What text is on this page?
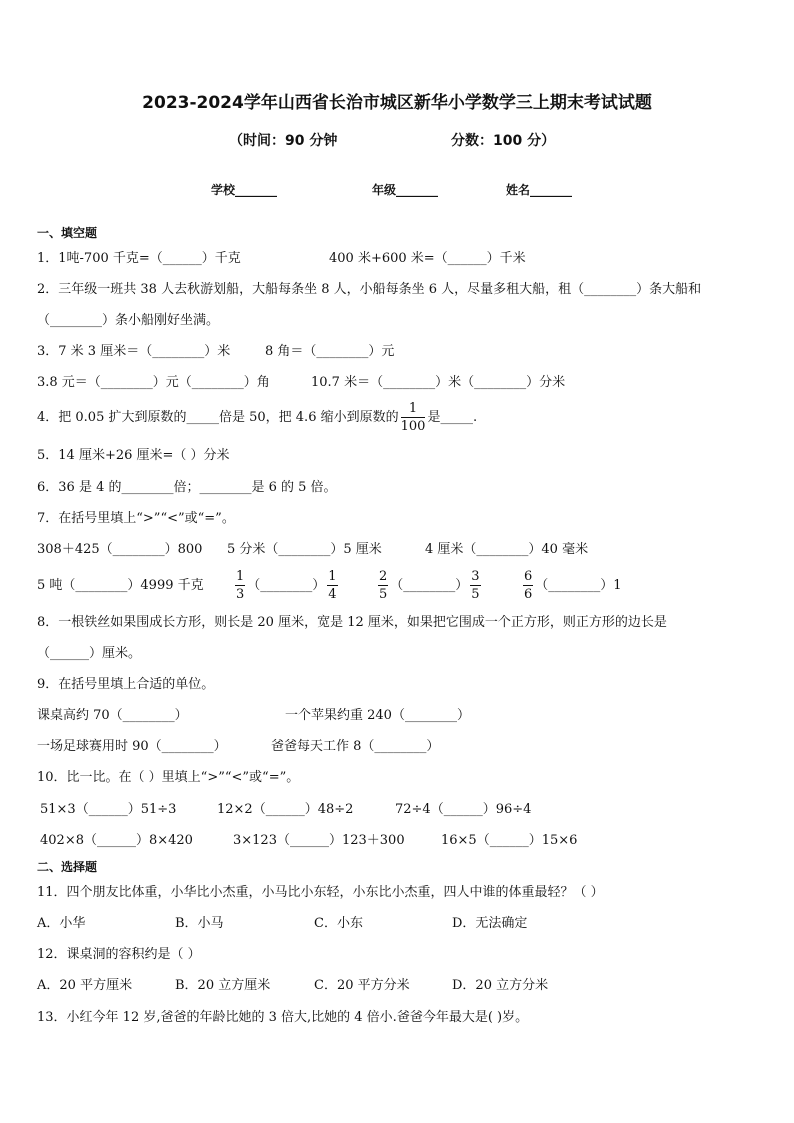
2023-2024学年山西省长治市城区新华小学数学三上期末考试试题
（时间：90 分钟	分数：100 分）
学校_______	年级_______	姓名_______
一、填空题
1．1吨-700 千克=（______）千克	400 米+600 米=（______）千米
2．三年级一班共 38 人去秋游划船，大船每条坐 8 人，小船每条坐 6 人，尽量多租大船，租（________）条大船和
（________）条小船刚好坐满。
3．7 米 3 厘米＝（________）米	8 角＝（________）元
3.8 元＝（________）元（________）角	10.7 米＝（________）米（________）分米
4．把 0.05 扩大到原数的_____倍是 50，把 4.6 缩小到原数的 $\frac{1}{100}$ 是_____.
5．14 厘米+26 厘米=（ ）分米
6．36 是 4 的________倍；________是 6 的 5 倍。
7．在括号里填上“>”“<”或“=”。
308＋425（________）800 5 分米（________）5 厘米	4 厘米（________）40 毫米
5 吨（________）4999 千克 $\frac{1}{3}$ （________） $\frac{1}{4}$	$\frac{2}{5}$ （________） $\frac{3}{5}$	$\frac{6}{6}$ （________）1
8．一根铁丝如果围成长方形，则长是 20 厘米，宽是 12 厘米，如果把它围成一个正方形，则正方形的边长是
（______）厘米。
9．在括号里填上合适的单位。
课桌高约 70（________）	一个苹果约重 240（________）
一场足球赛用时 90（________）	爸爸每天工作 8（________）
10．比一比。在（ ）里填上“>”“<”或“=”。
51×3（______）51÷3	12×2（______）48÷2	72÷4（______）96÷4
402×8（______）8×420	3×123（______）123＋300	16×5（______）15×6
二、选择题
11．四个朋友比体重，小华比小杰重，小马比小东轻，小东比小杰重，四人中谁的体重最轻？（ ）
A．小华	B．小马	C．小东	D．无法确定
12．课桌洞的容积约是（ ）
A．20 平方厘米	B．20 立方厘米	C．20 平方分米	D．20 立方分米
13．小红今年 12 岁,爸爸的年龄比她的 3 倍大,比她的 4 倍小.爸爸今年最大是( )岁。
